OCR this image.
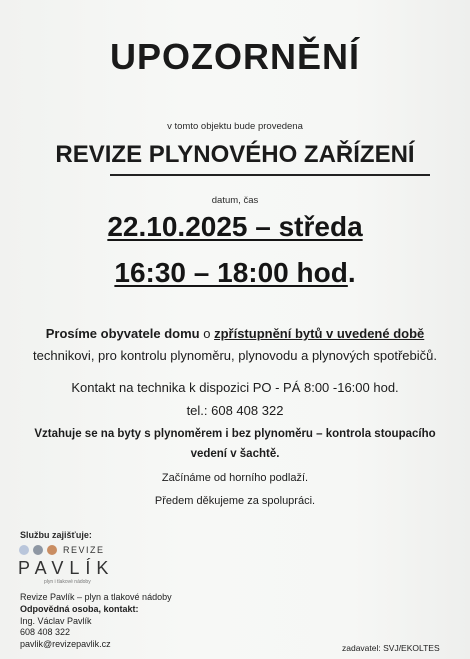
UPOZORNĚNÍ
v tomto objektu bude provedena
REVIZE PLYNOVÉHO ZAŘÍZENÍ
datum, čas
22.10.2025 – středa
16:30 – 18:00 hod.
Prosíme obyvatele domu o zpřístupnění bytů v uvedené době
technikovi, pro kontrolu plynoměru, plynovodu a plynových spotřebičů.
Kontakt na technika k dispozici PO - PÁ 8:00 -16:00 hod.
tel.: 608 408 322
Vztahuje se na byty s plynoměrem i bez plynoměru – kontrola stoupacího
vedení v šachtě.
Začínáme od horního podlaží.
Předem děkujeme za spolupráci.
Službu zajišťuje:
REVIZE
PAVLÍK
plyn i tlakové nádoby
Revize Pavlík – plyn a tlakové nádoby
Odpovědná osoba, kontakt:
Ing. Václav Pavlík
608 408 322
pavlik@revizepavlik.cz	zadavatel: SVJ/EKOLTES
